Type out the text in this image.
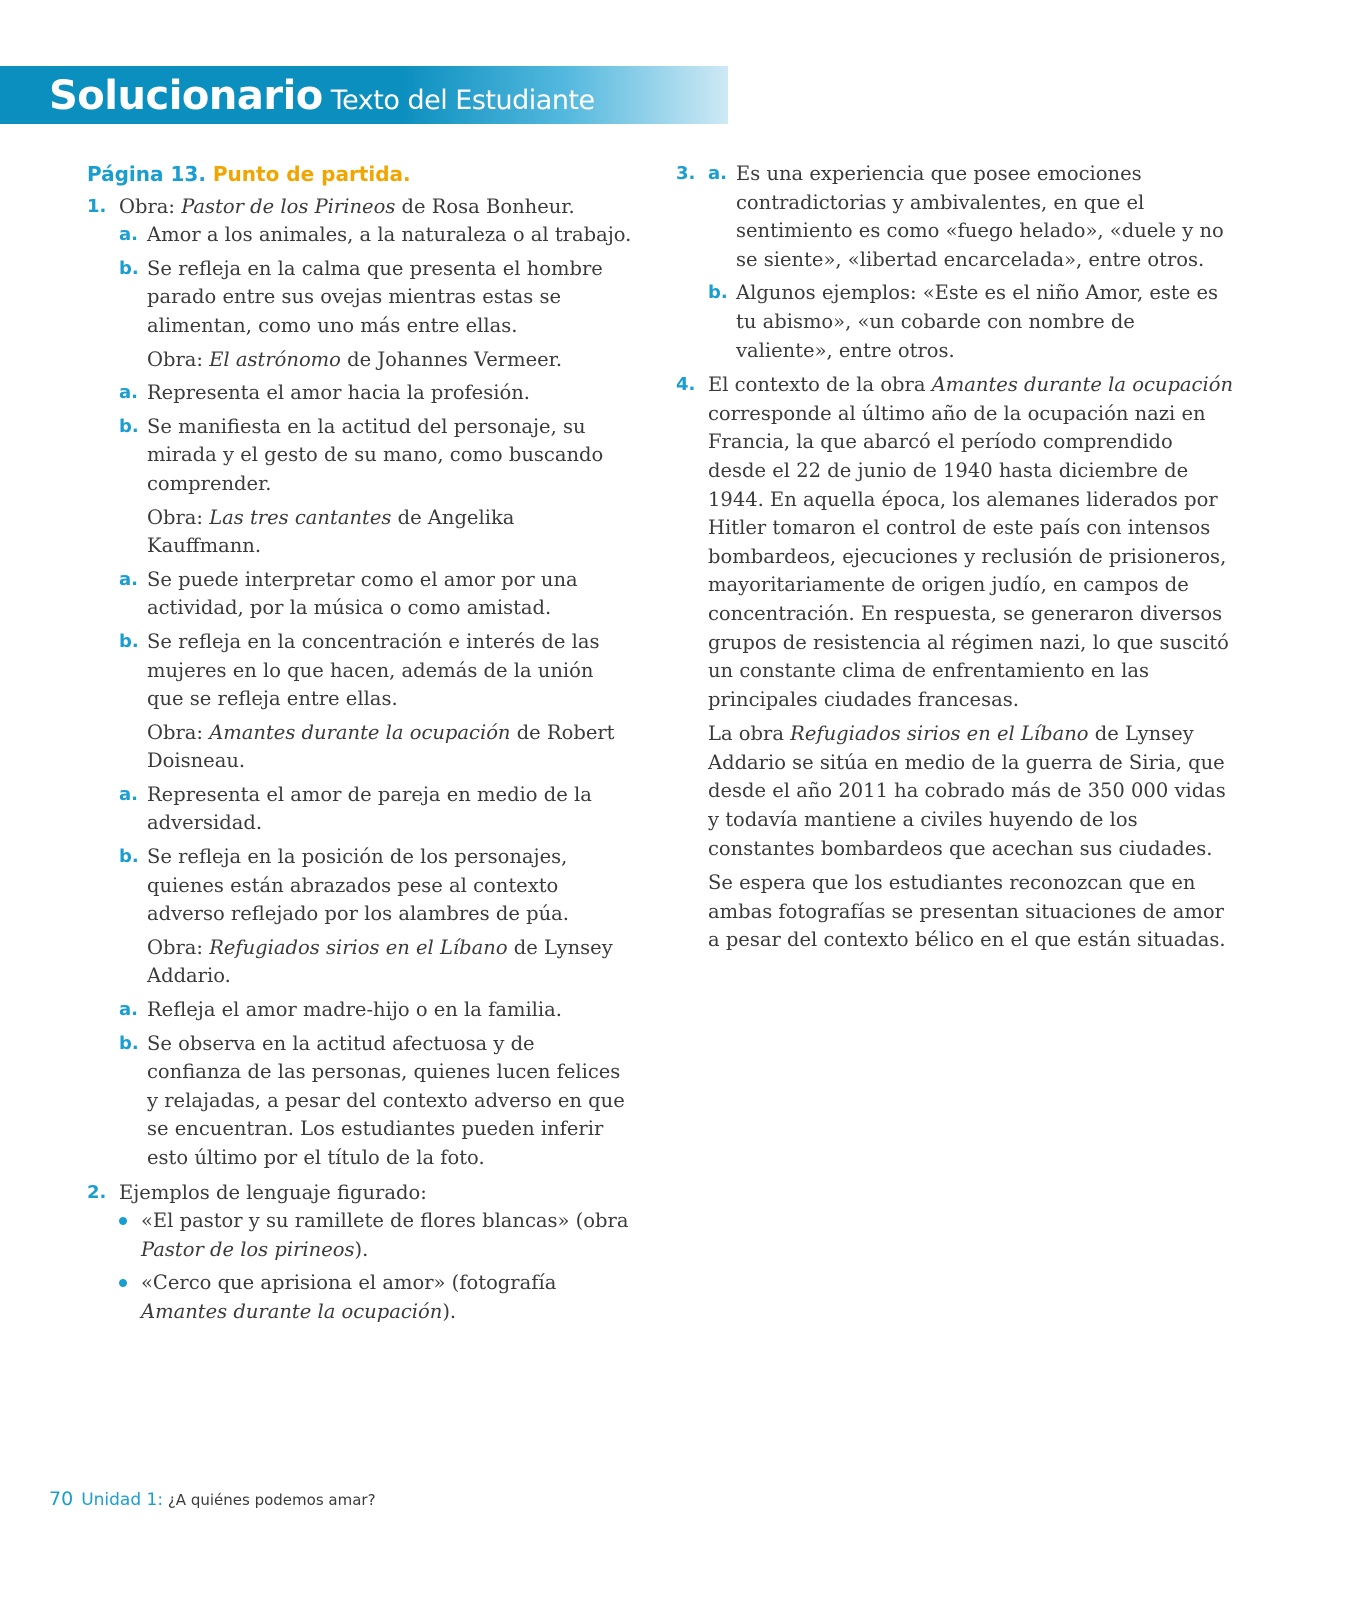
Solucionario Texto del Estudiante
Página 13. Punto de partida.
1. Obra: Pastor de los Pirineos de Rosa Bonheur.
a. Amor a los animales, a la naturaleza o al trabajo.
b. Se refleja en la calma que presenta el hombre parado entre sus ovejas mientras estas se alimentan, como uno más entre ellas.
Obra: El astrónomo de Johannes Vermeer.
a. Representa el amor hacia la profesión.
b. Se manifiesta en la actitud del personaje, su mirada y el gesto de su mano, como buscando comprender.
Obra: Las tres cantantes de Angelika Kauffmann.
a. Se puede interpretar como el amor por una actividad, por la música o como amistad.
b. Se refleja en la concentración e interés de las mujeres en lo que hacen, además de la unión que se refleja entre ellas.
Obra: Amantes durante la ocupación de Robert Doisneau.
a. Representa el amor de pareja en medio de la adversidad.
b. Se refleja en la posición de los personajes, quienes están abrazados pese al contexto adverso reflejado por los alambres de púa.
Obra: Refugiados sirios en el Líbano de Lynsey Addario.
a. Refleja el amor madre-hijo o en la familia.
b. Se observa en la actitud afectuosa y de confianza de las personas, quienes lucen felices y relajadas, a pesar del contexto adverso en que se encuentran. Los estudiantes pueden inferir esto último por el título de la foto.
2. Ejemplos de lenguaje figurado:
«El pastor y su ramillete de flores blancas» (obra Pastor de los pirineos).
«Cerco que aprisiona el amor» (fotografía Amantes durante la ocupación).
3. a. Es una experiencia que posee emociones contradictorias y ambivalentes, en que el sentimiento es como «fuego helado», «duele y no se siente», «libertad encarcelada», entre otros.
b. Algunos ejemplos: «Este es el niño Amor, este es tu abismo», «un cobarde con nombre de valiente», entre otros.
4. El contexto de la obra Amantes durante la ocupación corresponde al último año de la ocupación nazi en Francia, la que abarcó el período comprendido desde el 22 de junio de 1940 hasta diciembre de 1944. En aquella época, los alemanes liderados por Hitler tomaron el control de este país con intensos bombardeos, ejecuciones y reclusión de prisioneros, mayoritariamente de origen judío, en campos de concentración. En respuesta, se generaron diversos grupos de resistencia al régimen nazi, lo que suscitó un constante clima de enfrentamiento en las principales ciudades francesas.
La obra Refugiados sirios en el Líbano de Lynsey Addario se sitúa en medio de la guerra de Siria, que desde el año 2011 ha cobrado más de 350 000 vidas y todavía mantiene a civiles huyendo de los constantes bombardeos que acechan sus ciudades.
Se espera que los estudiantes reconozcan que en ambas fotografías se presentan situaciones de amor a pesar del contexto bélico en el que están situadas.
70 Unidad 1: ¿A quiénes podemos amar?
